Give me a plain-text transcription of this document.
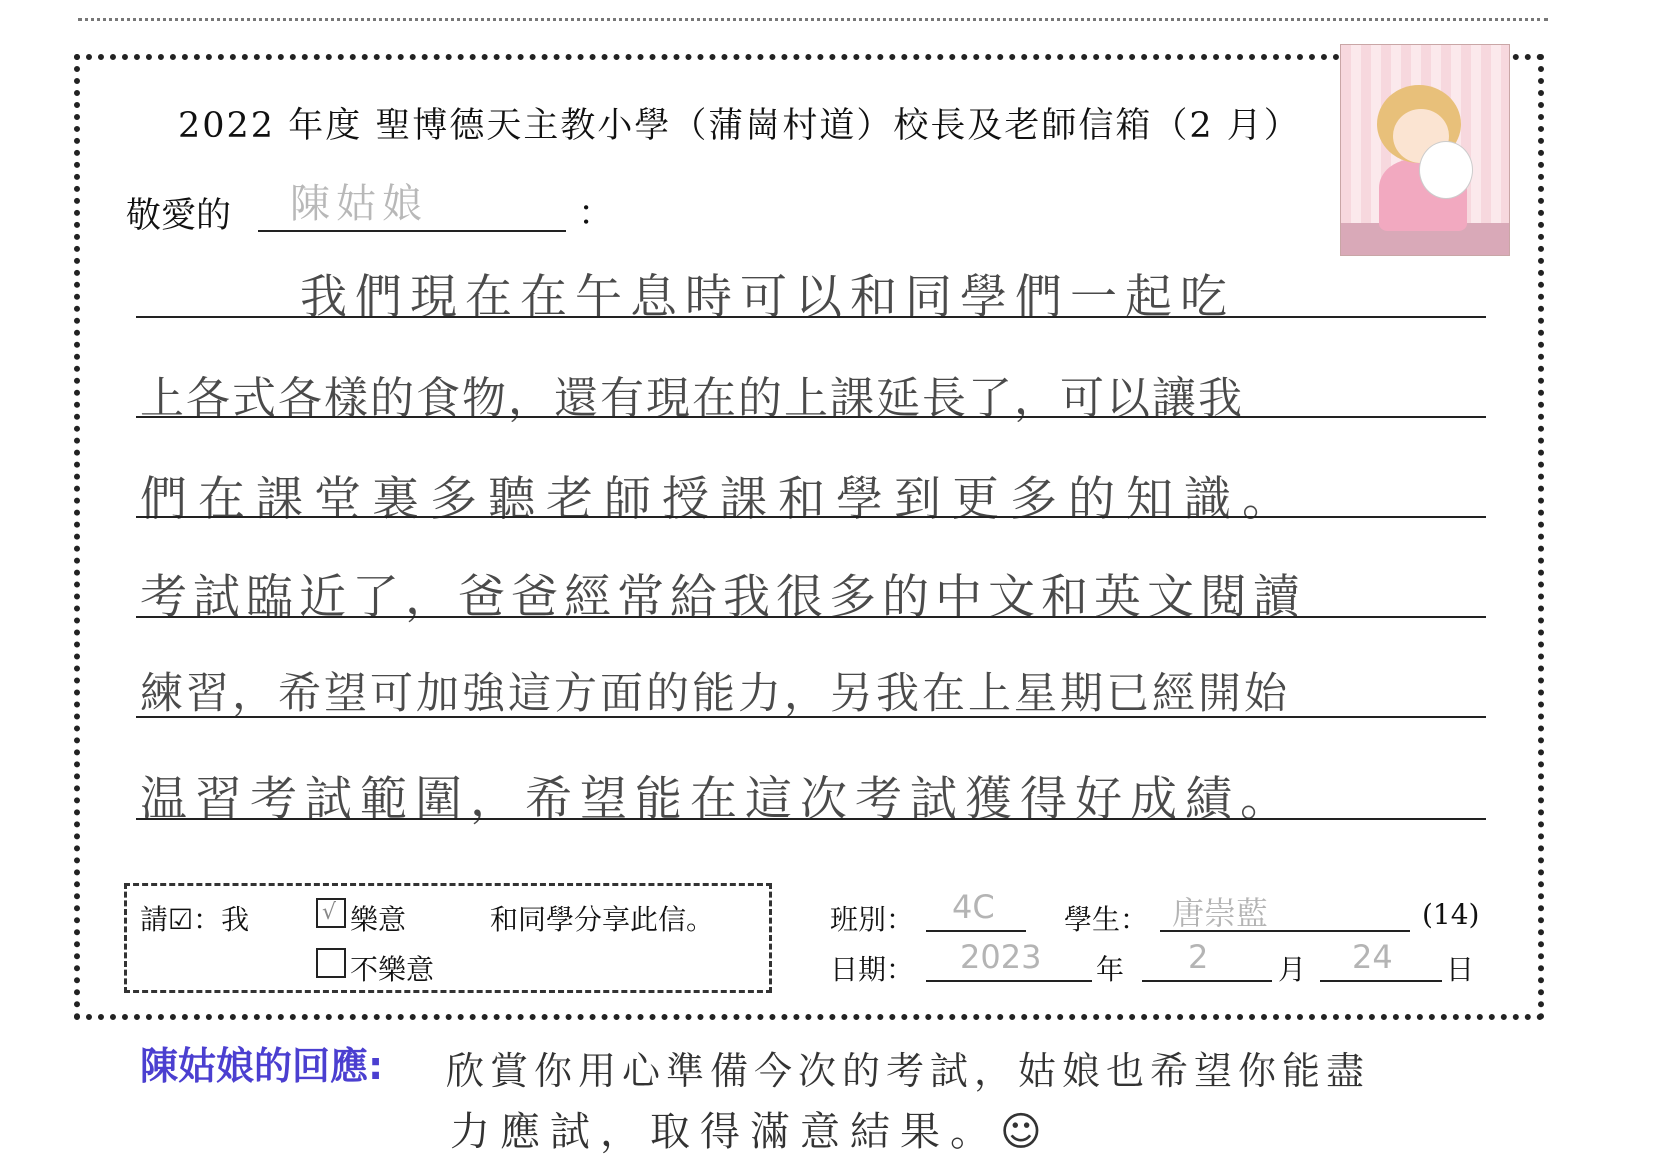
2022 年度 聖博德天主教小學（蒲崗村道）校長及老師信箱（2 月）
敬愛的 陳姑娘	：
我們現在在午息時可以和同學們一起吃
上各式各樣的食物，還有現在的上課延長了，可以讓我
們在課堂裏多聽老師授課和學到更多的知識。
考試臨近了，爸爸經常給我很多的中文和英文閱讀
練習，希望可加強這方面的能力，另我在上星期已經開始
温習考試範圍，希望能在這次考試獲得好成績。
請☑：我	√ 樂意	和同學分享此信。
不樂意
班別： 4C 學生： 唐崇藍	(14)
日期： 2023 年 2 月 24 日
陳姑娘的回應: 欣賞你用心準備今次的考試，姑娘也希望你能盡
力應試，取得滿意結果。☺
